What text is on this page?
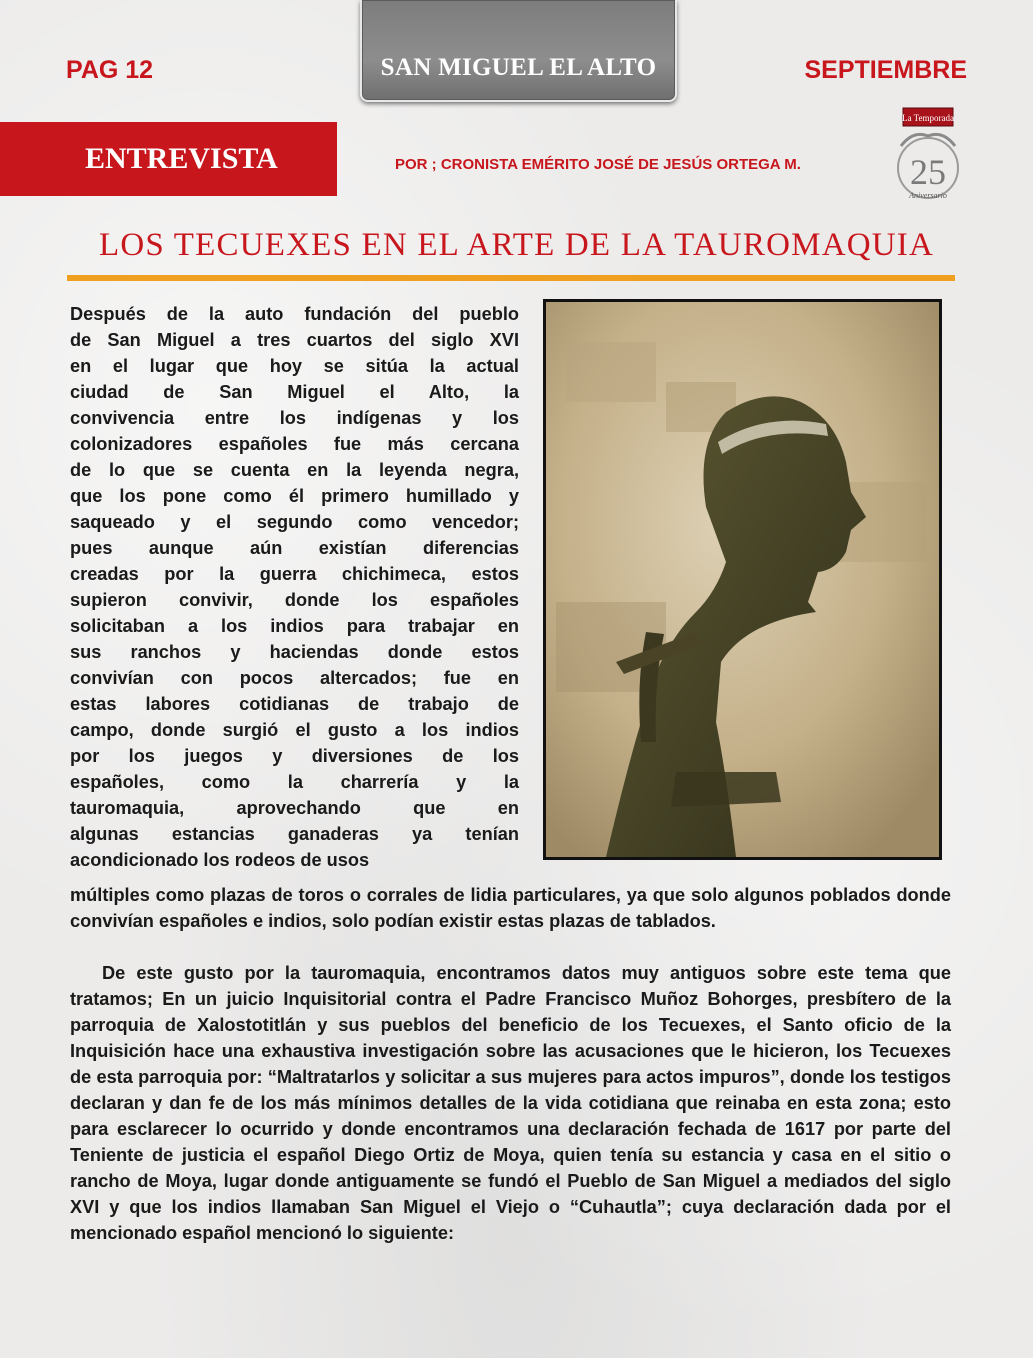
PAG 12	SAN MIGUEL EL ALTO	SEPTIEMBRE
ENTREVISTA	POR ; CRONISTA EMÉRITO JOSÉ DE JESÚS ORTEGA M.
La Temporada
25
Aniversario
LOS TECUEXES EN EL ARTE DE LA TAUROMAQUIA

Después de la auto fundación del pueblo

de San Miguel a tres cuartos del siglo XVI

en el lugar que hoy se sitúa la actual

ciudad de San Miguel el Alto, la

convivencia entre los indígenas y los

colonizadores españoles fue más cercana

de lo que se cuenta en la leyenda negra,

que los pone como él primero humillado y

saqueado y el segundo como vencedor;

pues aunque aún existían diferencias

creadas por la guerra chichimeca, estos

supieron convivir, donde los españoles

solicitaban a los indios para trabajar en

sus ranchos y haciendas donde estos

convivían con pocos altercados; fue en

estas labores cotidianas de trabajo de

campo, donde surgió el gusto a los indios

por los juegos y diversiones de los

españoles, como la charrería y la

tauromaquia, aprovechando que en

algunas estancias ganaderas ya tenían

acondicionado los rodeos de usos

múltiples como plazas de toros o corrales de lidia particulares, ya que solo algunos poblados donde convivían españoles e indios, solo podían existir estas plazas de tablados.

De este gusto por la tauromaquia, encontramos datos muy antiguos sobre este tema que tratamos; En un juicio Inquisitorial contra el Padre Francisco Muñoz Bohorges, presbítero de la parroquia de Xalostotitlán y sus pueblos del beneficio de los Tecuexes, el Santo oficio de la Inquisición hace una exhaustiva investigación sobre las acusaciones que le hicieron, los Tecuexes de esta parroquia por: “Maltratarlos y solicitar a sus mujeres para actos impuros”, donde los testigos declaran y dan fe de los más mínimos detalles de la vida cotidiana que reinaba en esta zona; esto para esclarecer lo ocurrido y donde encontramos una declaración fechada de 1617 por parte del Teniente de justicia el español Diego Ortiz de Moya, quien tenía su estancia y casa en el sitio o rancho de Moya, lugar donde antiguamente se fundó el Pueblo de San Miguel a mediados del siglo XVI y que los indios llamaban San Miguel el Viejo o “Cuhautla”; cuya declaración dada por el mencionado español mencionó lo siguiente:
